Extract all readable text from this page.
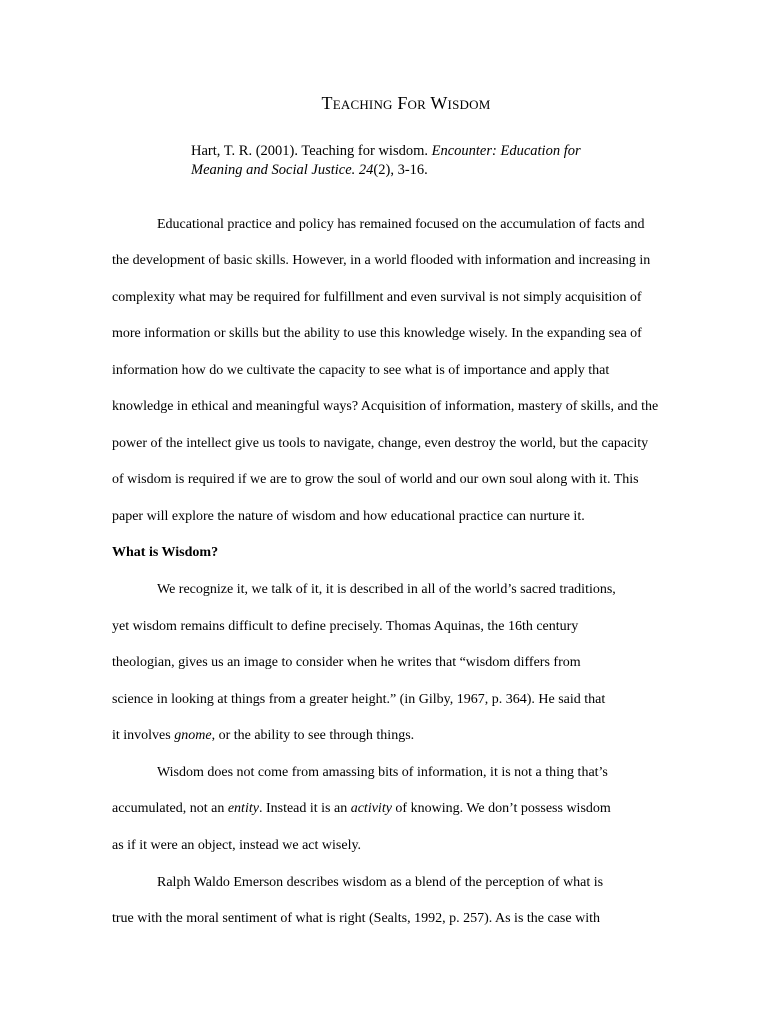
Teaching For Wisdom
Hart, T. R. (2001). Teaching for wisdom. Encounter: Education for
Meaning and Social Justice. 24(2), 3-16.
Educational practice and policy has remained focused on the accumulation of facts and
the development of basic skills. However, in a world flooded with information and increasing in
complexity what may be required for fulfillment and even survival is not simply acquisition of
more information or skills but the ability to use this knowledge wisely. In the expanding sea of
information how do we cultivate the capacity to see what is of importance and apply that
knowledge in ethical and meaningful ways? Acquisition of information, mastery of skills, and the
power of the intellect give us tools to navigate, change, even destroy the world, but the capacity
of wisdom is required if we are to grow the soul of world and our own soul along with it. This
paper will explore the nature of wisdom and how educational practice can nurture it.
What is Wisdom?
We recognize it, we talk of it, it is described in all of the world’s sacred traditions,
yet wisdom remains difficult to define precisely. Thomas Aquinas, the 16th century
theologian, gives us an image to consider when he writes that “wisdom differs from
science in looking at things from a greater height.” (in Gilby, 1967, p. 364). He said that
it involves gnome, or the ability to see through things.
Wisdom does not come from amassing bits of information, it is not a thing that’s
accumulated, not an entity. Instead it is an activity of knowing. We don’t possess wisdom
as if it were an object, instead we act wisely.
Ralph Waldo Emerson describes wisdom as a blend of the perception of what is
true with the moral sentiment of what is right (Sealts, 1992, p. 257). As is the case with
